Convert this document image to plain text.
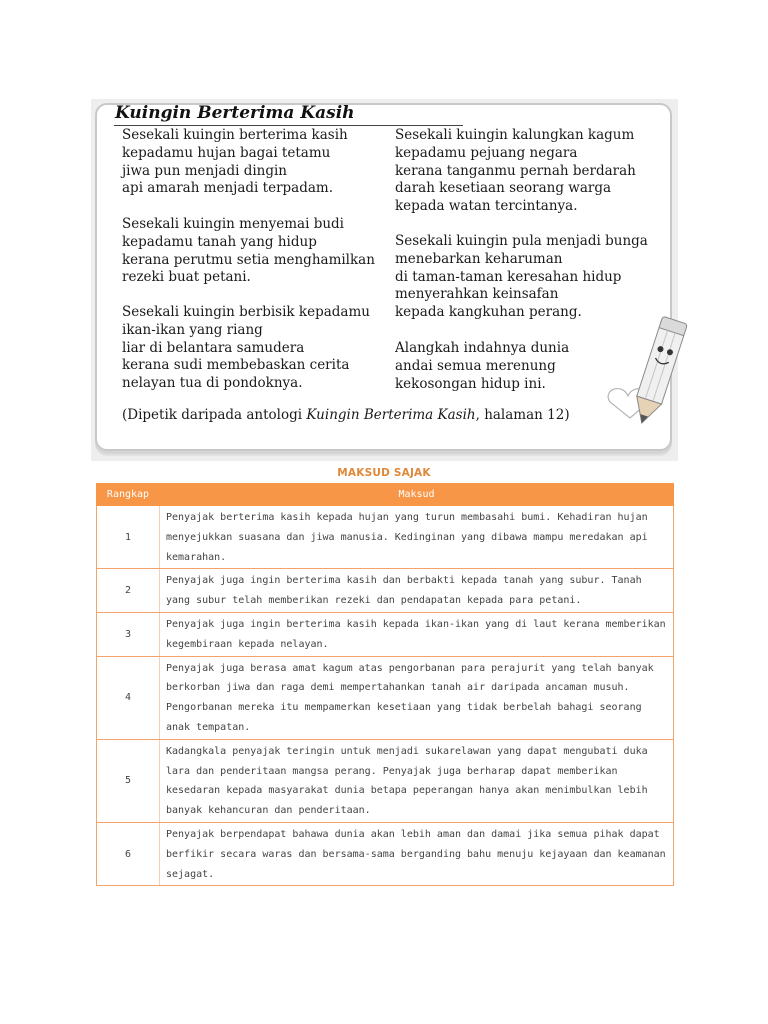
Kuingin Berterima Kasih
Sesekali kuingin berterima kasih
kepadamu hujan bagai tetamu
jiwa pun menjadi dingin
api amarah menjadi terpadam.
Sesekali kuingin menyemai budi
kepadamu tanah yang hidup
kerana perutmu setia menghamilkan
rezeki buat petani.
Sesekali kuingin berbisik kepadamu
ikan-ikan yang riang
liar di belantara samudera
kerana sudi membebaskan cerita
nelayan tua di pondoknya.
Sesekali kuingin kalungkan kagum
kepadamu pejuang negara
kerana tanganmu pernah berdarah
darah kesetiaan seorang warga
kepada watan tercintanya.
Sesekali kuingin pula menjadi bunga
menebarkan keharuman
di taman-taman keresahan hidup
menyerahkan keinsafan
kepada kangkuhan perang.
Alangkah indahnya dunia
andai semua merenung
kekosongan hidup ini.
(Dipetik daripada antologi Kuingin Berterima Kasih, halaman 12)
MAKSUD SAJAK
Rangkap	Maksud
1	Penyajak berterima kasih kepada hujan yang turun membasahi bumi. Kehadiran hujan menyejukkan suasana dan jiwa manusia. Kedinginan yang dibawa mampu meredakan api kemarahan.
2	Penyajak juga ingin berterima kasih dan berbakti kepada tanah yang subur. Tanah yang subur telah memberikan rezeki dan pendapatan kepada para petani.
3	Penyajak juga ingin berterima kasih kepada ikan-ikan yang di laut kerana memberikan kegembiraan kepada nelayan.
4	Penyajak juga berasa amat kagum atas pengorbanan para perajurit yang telah banyak berkorban jiwa dan raga demi mempertahankan tanah air daripada ancaman musuh. Pengorbanan mereka itu mempamerkan kesetiaan yang tidak berbelah bahagi seorang anak tempatan.
5	Kadangkala penyajak teringin untuk menjadi sukarelawan yang dapat mengubati duka lara dan penderitaan mangsa perang. Penyajak juga berharap dapat memberikan kesedaran kepada masyarakat dunia betapa peperangan hanya akan menimbulkan lebih banyak kehancuran dan penderitaan.
6	Penyajak berpendapat bahawa dunia akan lebih aman dan damai jika semua pihak dapat berfikir secara waras dan bersama-sama berganding bahu menuju kejayaan dan keamanan sejagat.
